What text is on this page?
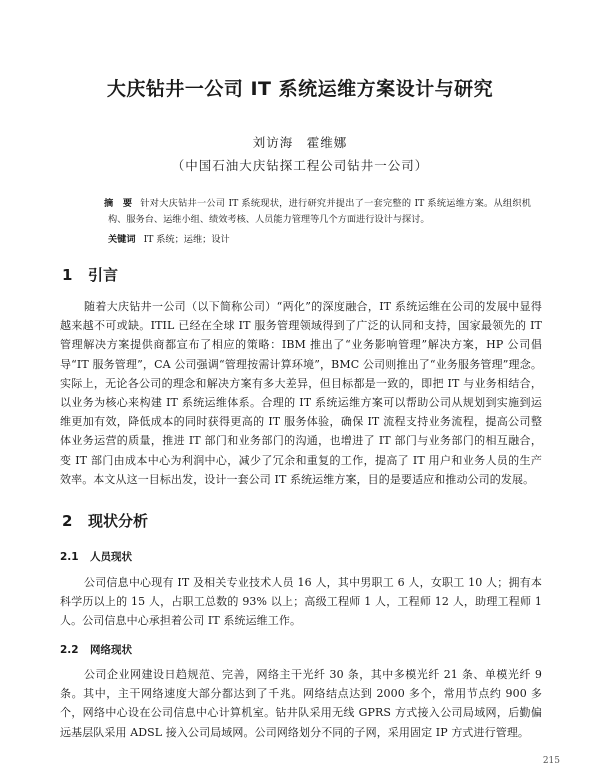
大庆钻井一公司 IT 系统运维方案设计与研究
刘访海　霍维娜
（中国石油大庆钻探工程公司钻井一公司）
摘　要 针对大庆钻井一公司 IT 系统现状，进行研究并提出了一套完整的 IT 系统运维方案。从组织机构、服务台、运维小组、绩效考核、人员能力管理等几个方面进行设计与探讨。
关键词 IT 系统；运维；设计
1 引言
随着大庆钻井一公司（以下简称公司）“两化”的深度融合，IT 系统运维在公司的发展中显得越来越不可或缺。ITIL 已经在全球 IT 服务管理领域得到了广泛的认同和支持，国家最领先的 IT 管理解决方案提供商都宣布了相应的策略：IBM 推出了“业务影响管理”解决方案，HP 公司倡导“IT 服务管理”，CA 公司强调“管理按需计算环境”，BMC 公司则推出了“业务服务管理”理念。实际上，无论各公司的理念和解决方案有多大差异，但目标都是一致的，即把 IT 与业务相结合，以业务为核心来构建 IT 系统运维体系。合理的 IT 系统运维方案可以帮助公司从规划到实施到运维更加有效，降低成本的同时获得更高的 IT 服务体验，确保 IT 流程支持业务流程，提高公司整体业务运营的质量，推进 IT 部门和业务部门的沟通，也增进了 IT 部门与业务部门的相互融合，变 IT 部门由成本中心为利润中心，减少了冗余和重复的工作，提高了 IT 用户和业务人员的生产效率。本文从这一目标出发，设计一套公司 IT 系统运维方案，目的是要适应和推动公司的发展。
2 现状分析
2.1 人员现状
公司信息中心现有 IT 及相关专业技术人员 16 人，其中男职工 6 人，女职工 10 人；拥有本科学历以上的 15 人，占职工总数的 93% 以上；高级工程师 1 人，工程师 12 人，助理工程师 1 人。公司信息中心承担着公司 IT 系统运维工作。
2.2 网络现状
公司企业网建设日趋规范、完善，网络主干光纤 30 条，其中多模光纤 21 条、单模光纤 9 条。其中，主干网络速度大部分都达到了千兆。网络结点达到 2000 多个，常用节点约 900 多个，网络中心设在公司信息中心计算机室。钻井队采用无线 GPRS 方式接入公司局域网，后勤偏远基层队采用 ADSL 接入公司局域网。公司网络划分不同的子网，采用固定 IP 方式进行管理。
215
